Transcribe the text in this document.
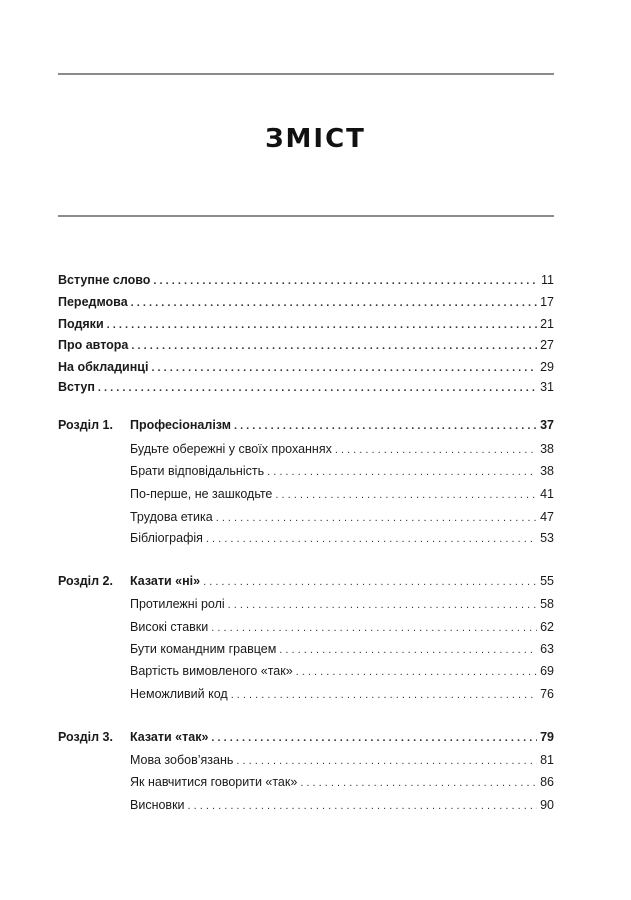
ЗМІСТ
Вступне слово . . .	11
Передмова . . .	17
Подяки . . .	21
Про автора . . .	27
На обкладинці . . .	29
Вступ . . .	31
Розділ 1. Професіоналізм . . .	37
Будьте обережні у своїх проханнях . . .	38
Брати відповідальність . . .	38
По-перше, не зашкодьте . . .	41
Трудова етика . . .	47
Бібліографія . . .	53
Розділ 2. Казати «ні» . . .	55
Протилежні ролі . . .	58
Високі ставки . . .	62
Бути командним гравцем . . .	63
Вартість вимовленого «так» . . .	69
Неможливий код . . .	76
Розділ 3. Казати «так» . . .	79
Мова зобов’язань . . .	81
Як навчитися говорити «так» . . .	86
Висновки . . .	90
